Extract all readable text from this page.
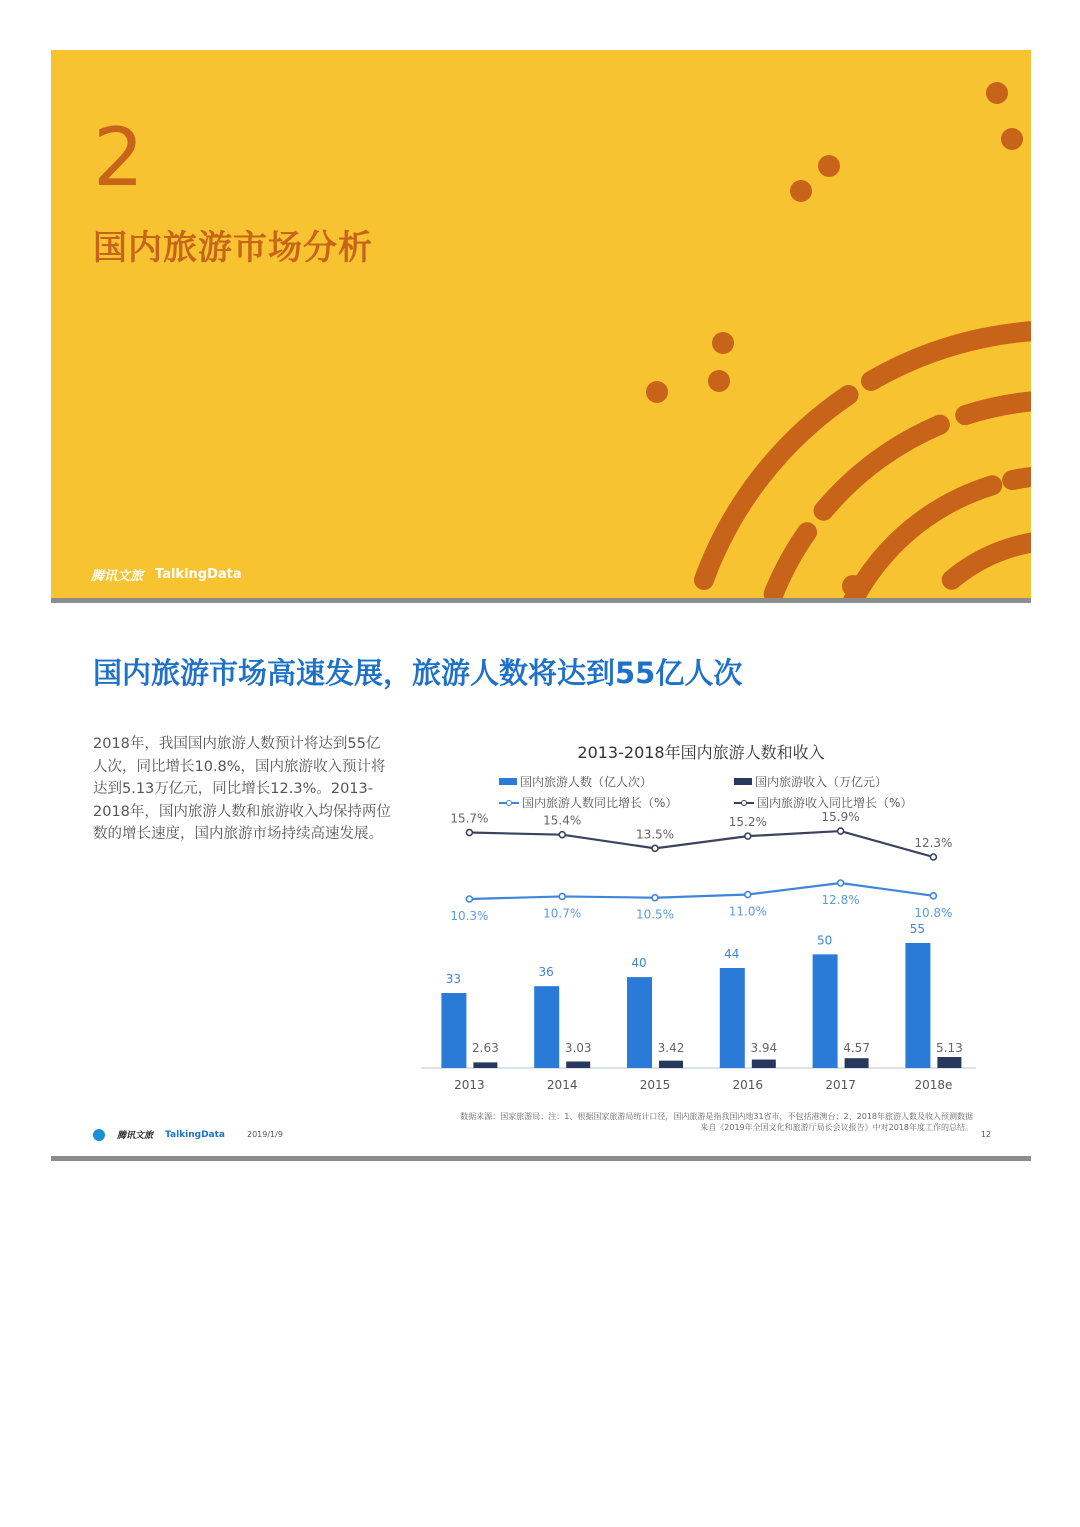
2
国内旅游市场分析
腾讯文旅 TalkingData
国内旅游市场高速发展，旅游人数将达到55亿人次
2018年，我国国内旅游人数预计将达到55亿人次，同比增长10.8%，国内旅游收入预计将达到5.13万亿元，同比增长12.3%。2013-2018年，国内旅游人数和旅游收入均保持两位数的增长速度，国内旅游市场持续高速发展。
2013-2018年国内旅游人数和收入
国内旅游人数（亿人次）	国内旅游收入（万亿元）
国内旅游人数同比增长（%）	国内旅游收入同比增长（%）
33
2.63
2013
36
3.03
2014
40
3.42
2015
44
3.94
2016
50
4.57
2017
55
5.13
2018e
15.7%	15.4%
13.5%
15.2%	15.9%
12.3%
10.3%	10.7%	10.5%	11.0%
12.8%
10.8%
数据来源：国家旅游局；注：1、根据国家旅游局统计口径，国内旅游是指我国内地31省市，不包括港澳台；2、2018年旅游人数及收入预测数据
来自《2019年全国文化和旅游厅局长会议报告》中对2018年度工作的总结。
腾讯文旅 TalkingData	2019/1/9	12
